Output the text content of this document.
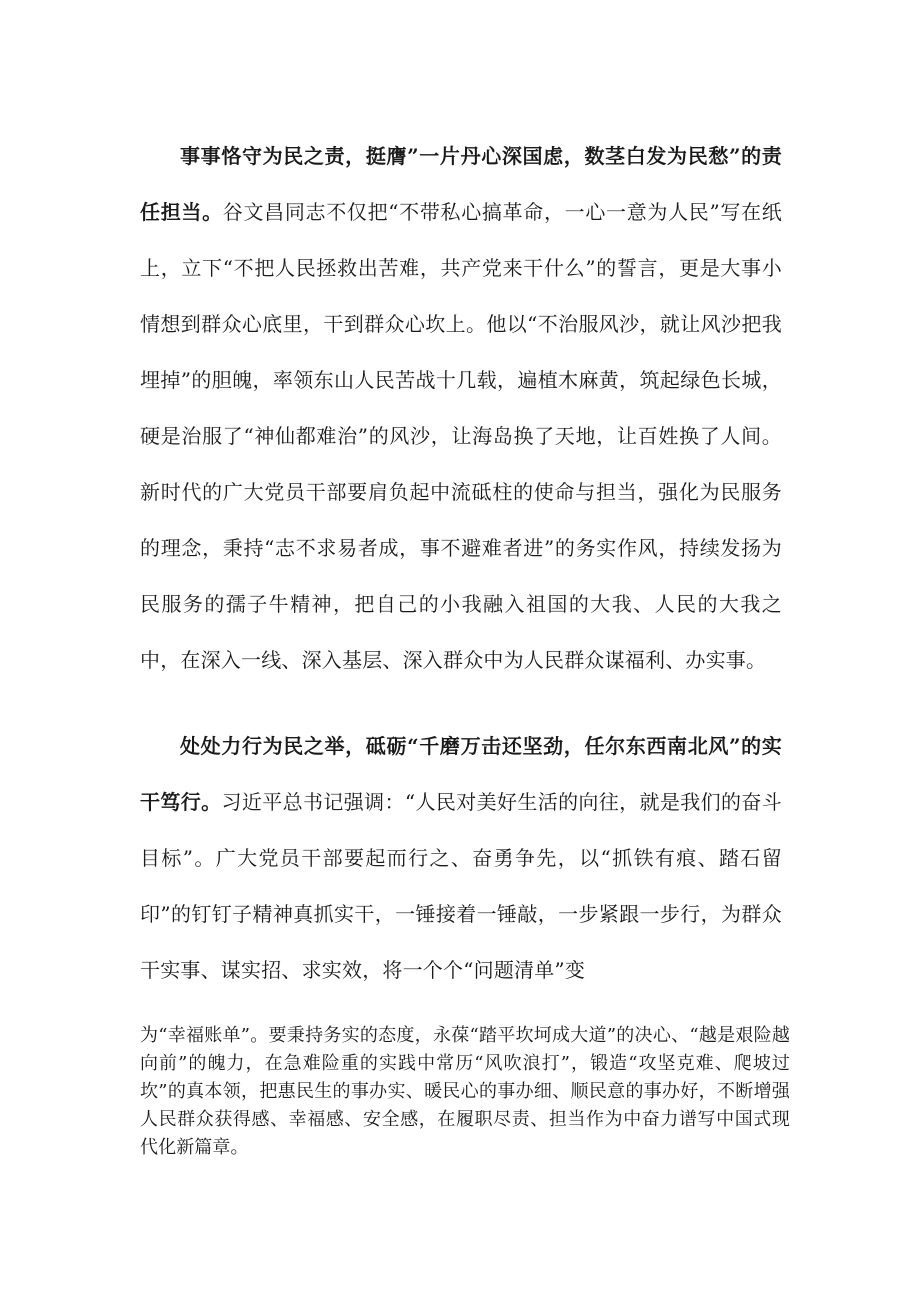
事事恪守为民之责，挺膺”一片丹心深国虑，数茎白发为民愁”的责任担当。谷文昌同志不仅把“不带私心搞革命，一心一意为人民”写在纸上，立下“不把人民拯救出苦难，共产党来干什么”的誓言，更是大事小情想到群众心底里，干到群众心坎上。他以“不治服风沙，就让风沙把我埋掉”的胆魄，率领东山人民苦战十几载，遍植木麻黄，筑起绿色长城，硬是治服了“神仙都难治”的风沙，让海岛换了天地，让百姓换了人间。新时代的广大党员干部要肩负起中流砥柱的使命与担当，强化为民服务的理念，秉持“志不求易者成，事不避难者进”的务实作风，持续发扬为民服务的孺子牛精神，把自己的小我融入祖国的大我、人民的大我之中，在深入一线、深入基层、深入群众中为人民群众谋福利、办实事。

处处力行为民之举，砥砺“千磨万击还坚劲，任尔东西南北风”的实干笃行。习近平总书记强调：“人民对美好生活的向往，就是我们的奋斗目标”。广大党员干部要起而行之、奋勇争先，以“抓铁有痕、踏石留印”的钉钉子精神真抓实干，一锤接着一锤敲，一步紧跟一步行，为群众干实事、谋实招、求实效，将一个个“问题清单”变

为“幸福账单”。要秉持务实的态度，永葆“踏平坎坷成大道”的决心、“越是艰险越向前”的魄力，在急难险重的实践中常历“风吹浪打”，锻造“攻坚克难、爬坡过坎”的真本领，把惠民生的事办实、暖民心的事办细、顺民意的事办好，不断增强人民群众获得感、幸福感、安全感，在履职尽责、担当作为中奋力谱写中国式现代化新篇章。
